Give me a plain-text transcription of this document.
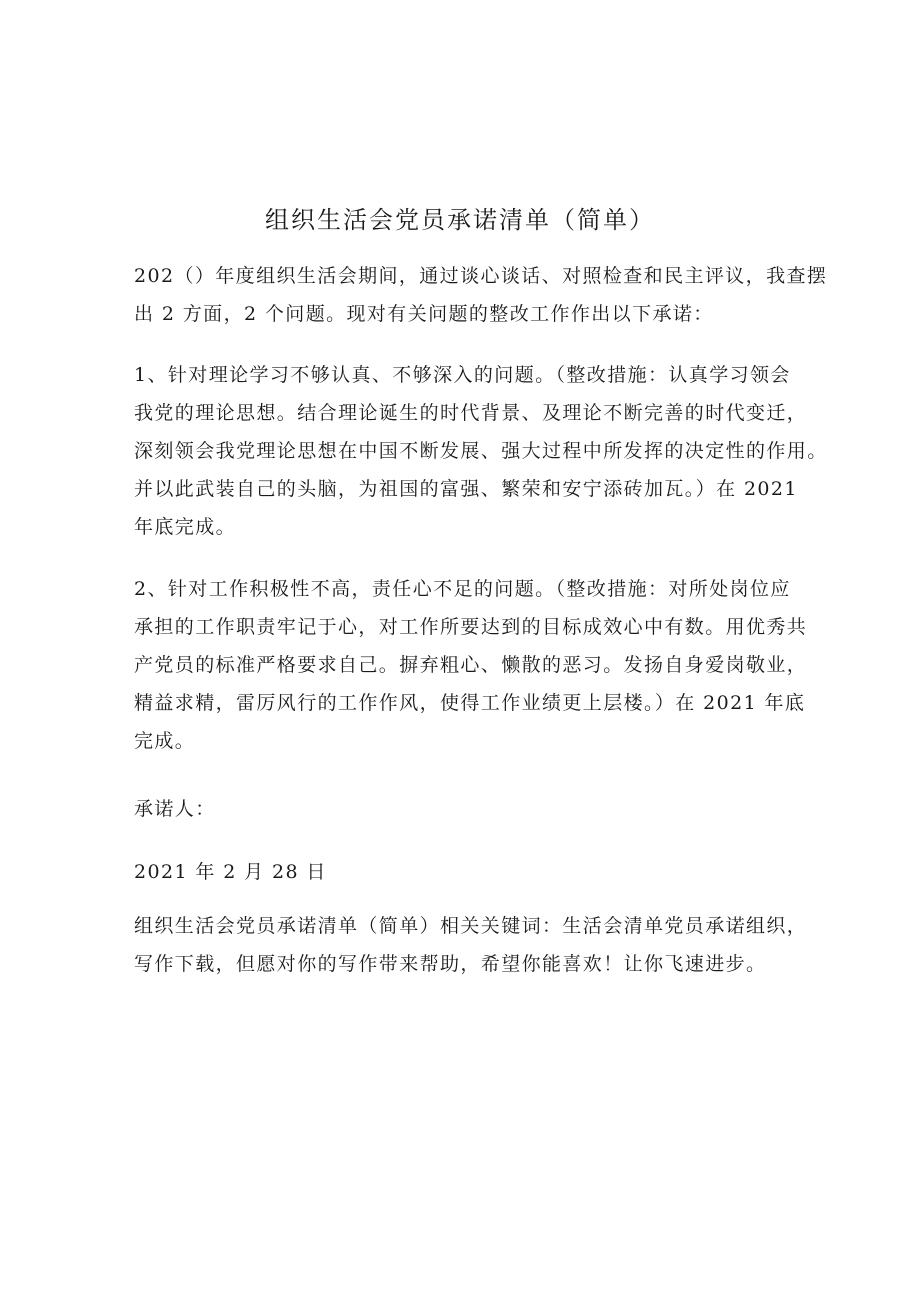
组织生活会党员承诺清单（简单）

202（）年度组织生活会期间，通过谈心谈话、对照检查和民主评议，我查摆
出 2 方面，2 个问题。现对有关问题的整改工作作出以下承诺：

1、针对理论学习不够认真、不够深入的问题。（整改措施：认真学习领会
我党的理论思想。结合理论诞生的时代背景、及理论不断完善的时代变迁，
深刻领会我党理论思想在中国不断发展、强大过程中所发挥的决定性的作用。
并以此武装自己的头脑，为祖国的富强、繁荣和安宁添砖加瓦。）在 2021
年底完成。

2、针对工作积极性不高，责任心不足的问题。（整改措施：对所处岗位应
承担的工作职责牢记于心，对工作所要达到的目标成效心中有数。用优秀共
产党员的标准严格要求自己。摒弃粗心、懒散的恶习。发扬自身爱岗敬业，
精益求精，雷厉风行的工作作风，使得工作业绩更上层楼。）在 2021 年底
完成。

承诺人：

2021 年 2 月 28 日

组织生活会党员承诺清单（简单）相关关键词：生活会清单党员承诺组织，
写作下载，但愿对你的写作带来帮助，希望你能喜欢！让你飞速进步。
